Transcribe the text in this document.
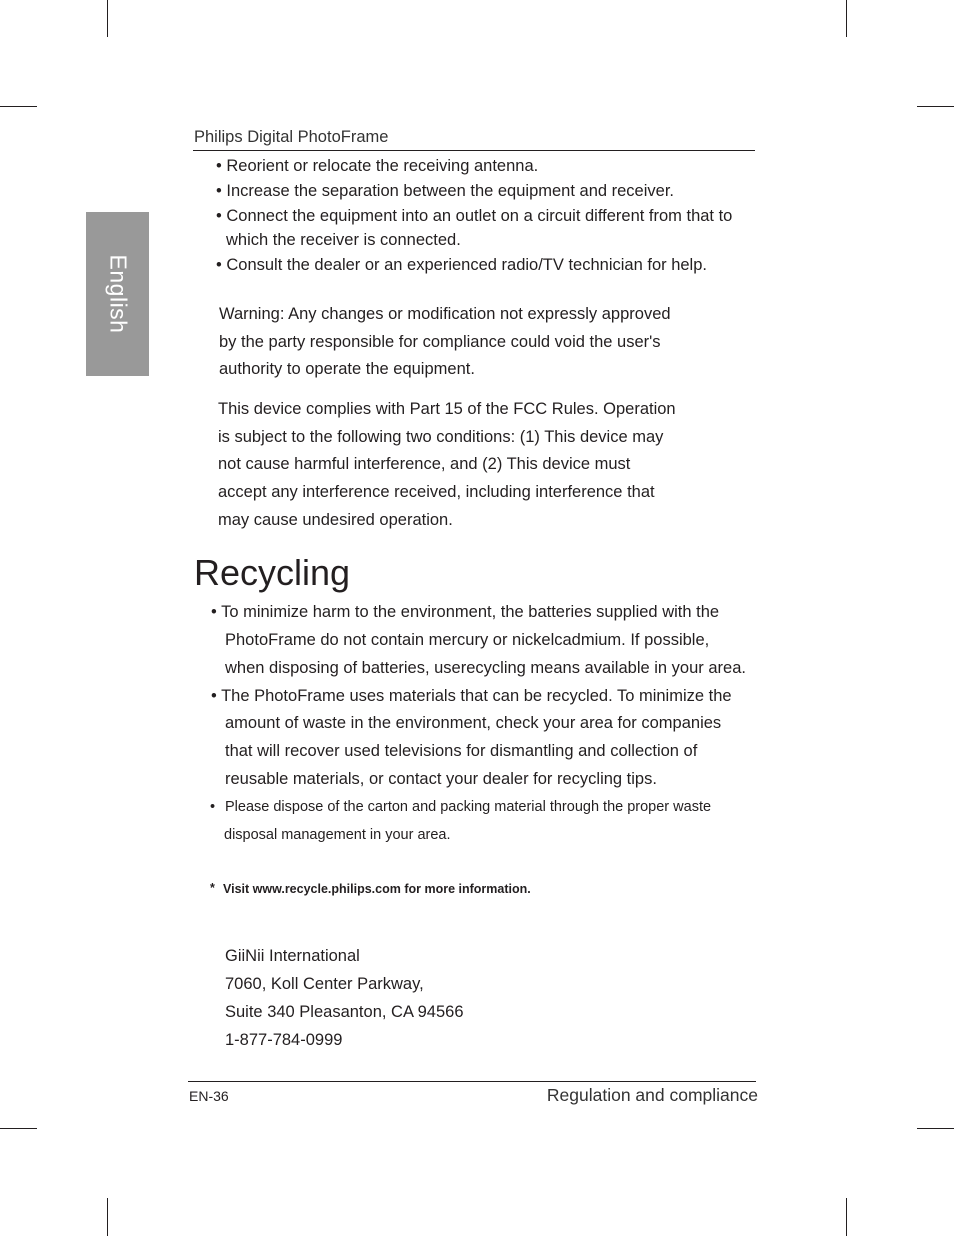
Philips Digital PhotoFrame
English
• Reorient or relocate the receiving antenna.
• Increase the separation between the equipment and receiver.
• Connect the equipment into an outlet on a circuit different from that to
which the receiver is connected.
• Consult the dealer or an experienced radio/TV technician for help.
Warning: Any changes or modification not expressly approved
by the party responsible for compliance could void the user's
authority to operate the equipment.
This device complies with Part 15 of the FCC Rules. Operation
is subject to the following two conditions: (1) This device may
not cause harmful interference, and (2) This device must
accept any interference received, including interference that
may cause undesired operation.
Recycling
• To minimize harm to the environment, the batteries supplied with the
PhotoFrame do not contain mercury or nickelcadmium. If possible,
when disposing of batteries, userecycling means available in your area.
• The PhotoFrame uses materials that can be recycled. To minimize the
amount of waste in the environment, check your area for companies
that will recover used televisions for dismantling and collection of
reusable materials, or contact your dealer for recycling tips.
• Please dispose of the carton and packing material through the proper waste
disposal management in your area.
* Visit www.recycle.philips.com for more information.
GiiNii International
7060, Koll Center Parkway,
Suite 340 Pleasanton, CA 94566
1-877-784-0999
EN-36	Regulation and compliance
